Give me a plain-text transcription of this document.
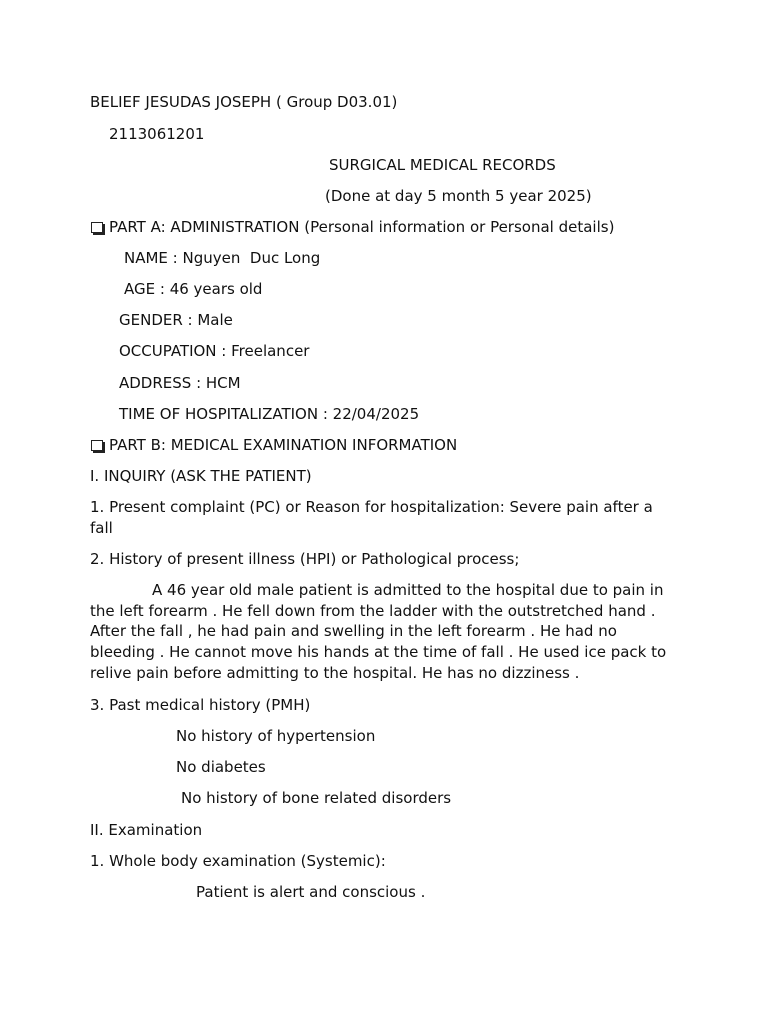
BELIEF JESUDAS JOSEPH ( Group D03.01)
2113061201
SURGICAL MEDICAL RECORDS
(Done at day 5 month 5 year 2025)
PART A: ADMINISTRATION (Personal information or Personal details)
NAME : Nguyen  Duc Long
AGE : 46 years old
GENDER : Male
OCCUPATION : Freelancer
ADDRESS : HCM
TIME OF HOSPITALIZATION : 22/04/2025
PART B: MEDICAL EXAMINATION INFORMATION
I. INQUIRY (ASK THE PATIENT)
1. Present complaint (PC) or Reason for hospitalization: Severe pain after a fall
2. History of present illness (HPI) or Pathological process;
A 46 year old male patient is admitted to the hospital due to pain in the left forearm . He fell down from the ladder with the outstretched hand . After the fall , he had pain and swelling in the left forearm . He had no bleeding . He cannot move his hands at the time of fall . He used ice pack to relive pain before admitting to the hospital. He has no dizziness .
3. Past medical history (PMH)
No history of hypertension
No diabetes
No history of bone related disorders
II. Examination
1. Whole body examination (Systemic):
Patient is alert and conscious .
